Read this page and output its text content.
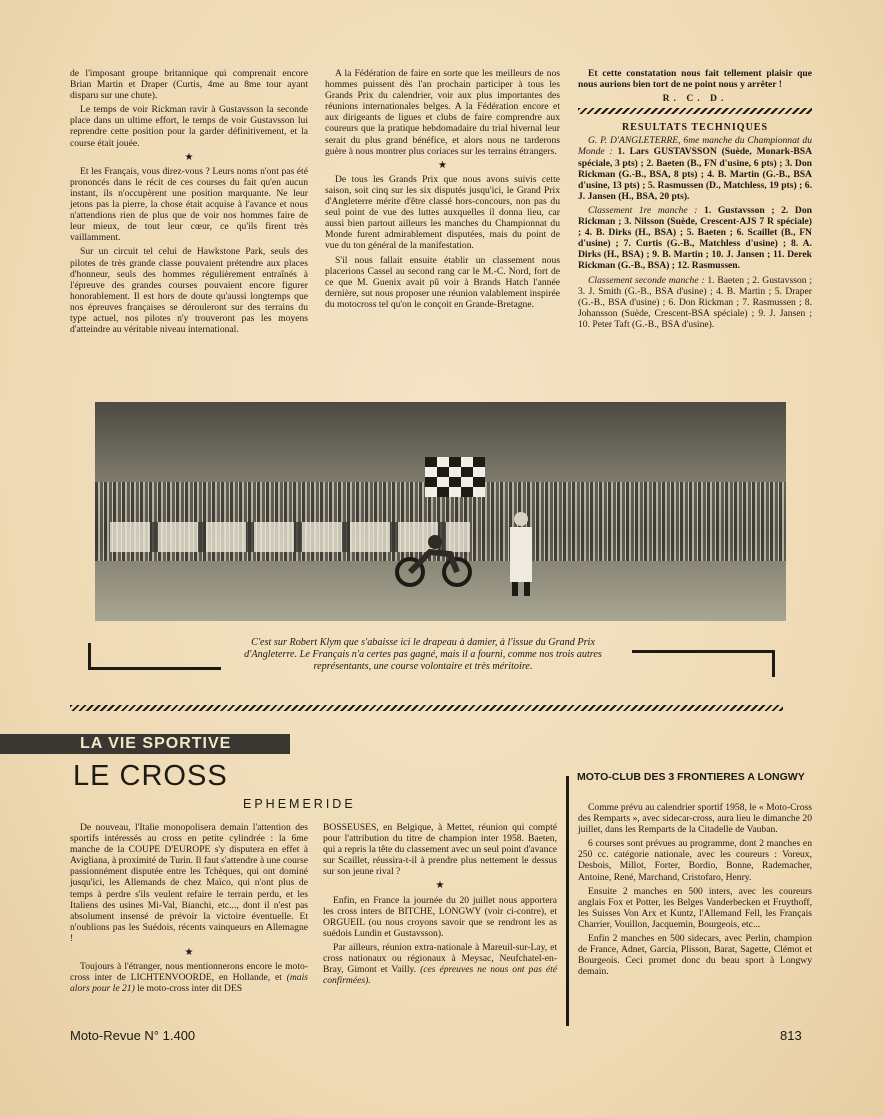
de l'imposant groupe britannique qui comprenait encore Brian Martin et Draper (Curtis, 4me au 8me tour ayant disparu sur une chute).

Le temps de voir Rickman ravir à Gustavsson la seconde place dans un ultime effort, le temps de voir Gustavsson lui reprendre cette position pour la garder définitivement, et la course était jouée.

★

Et les Français, vous direz-vous ? Leurs noms n'ont pas été prononcés dans le récit de ces courses du fait qu'en aucun instant, ils n'occupèrent une position marquante. Ne leur jetons pas la pierre, la chose était acquise à l'avance et nous n'attendions rien de plus que de voir nos hommes faire de leur mieux, de tout leur cœur, ce qu'ils firent très vaillamment.

Sur un circuit tel celui de Hawkstone Park, seuls des pilotes de très grande classe pouvaient prétendre aux places d'honneur, seuls des hommes régulièrement entraînés à l'épreuve des grandes courses pouvaient encore figurer honorablement. Il est hors de doute qu'aussi longtemps que nos épreuves françaises se dérouleront sur des terrains du type actuel, nos pilotes n'y trouveront pas les moyens d'atteindre au véritable niveau international.

A la Fédération de faire en sorte que les meilleurs de nos hommes puissent dès l'an prochain participer à tous les Grands Prix du calendrier, voir aux plus importantes des réunions internationales belges. A la Fédération encore et aux dirigeants de ligues et clubs de faire comprendre aux coureurs que la pratique hebdomadaire du trial hivernal leur serait du plus grand bénéfice, et alors nous ne tarderons guère à nous montrer plus coriaces sur les terrains étrangers.

★

De tous les Grands Prix que nous avons suivis cette saison, soit cinq sur les six disputés jusqu'ici, le Grand Prix d'Angleterre mérite d'être classé hors-concours, non pas du seul point de vue des luttes auxquelles il donna lieu, car aussi bien partout ailleurs les manches du Championnat du Monde furent admirablement disputées, mais du point de vue du ton général de la manifestation.

S'il nous fallait ensuite établir un classement nous placerions Cassel au second rang car le M.-C. Nord, fort de ce que M. Guenix avait pû voir à Brands Hatch l'année dernière, sut nous proposer une réunion valablement inspirée du motocross tel qu'on le conçoit en Grande-Bretagne.

Et cette constatation nous fait tellement plaisir que nous aurions bien tort de ne point nous y arrêter !

R. C. D.
RESULTATS TECHNIQUES

G. P. D'ANGLETERRE, 6me manche du Championnat du Monde : 1. Lars GUSTAVSSON (Suède, Monark-BSA spéciale, 3 pts) ; 2. Baeten (B., FN d'usine, 6 pts) ; 3. Don Rickman (G.-B., BSA, 8 pts) ; 4. B. Martin (G.-B., BSA d'usine, 13 pts) ; 5. Rasmussen (D., Matchless, 19 pts) ; 6. J. Jansen (H., BSA, 20 pts).

Classement 1re manche : 1. Gustavsson ; 2. Don Rickman ; 3. Nilsson (Suède, Crescent-AJS 7 R spéciale) ; 4. B. Dirks (H., BSA) ; 5. Baeten ; 6. Scaillet (B., FN d'usine) ; 7. Curtis (G.-B., Matchless d'usine) ; 8. A. Dirks (H., BSA) ; 9. B. Martin ; 10. J. Jansen ; 11. Derek Rickman (G.-B., BSA) ; 12. Rasmussen.

Classement seconde manche : 1. Baeten ; 2. Gustavsson ; 3. J. Smith (G.-B., BSA d'usine) ; 4. B. Martin ; 5. Draper (G.-B., BSA d'usine) ; 6. Don Rickman ; 7. Rasmussen ; 8. Johansson (Suède, Crescent-BSA spéciale) ; 9. J. Jansen ; 10. Peter Taft (G.-B., BSA d'usine).

C'est sur Robert Klym que s'abaisse ici le drapeau à damier, à l'issue du Grand Prix d'Angleterre. Le Français n'a certes pas gagné, mais il a fourni, comme nos trois autres représentants, une course volontaire et très méritoire.
LA VIE SPORTIVE
LE CROSS
EPHEMERIDE

De nouveau, l'Italie monopolisera demain l'attention des sportifs intéressés au cross en petite cylindrée : la 6me manche de la COUPE D'EUROPE s'y disputera en effet à Avigliana, à proximité de Turin. Il faut s'attendre à une course passionnément disputée entre les Tchèques, qui ont dominé jusqu'ici, les Allemands de chez Maïco, qui n'ont plus de temps à perdre s'ils veulent refaire le terrain perdu, et les Italiens des usines Mi-Val, Bianchi, etc..., dont il n'est pas absolument insensé de prévoir la victoire éventuelle. Et n'oublions pas les Suédois, récents vainqueurs en Allemagne !

★

Toujours à l'étranger, nous mentionnerons encore le moto-cross inter de LICHTENVOORDE, en Hollande, et (mais alors pour le 21) le moto-cross inter dit DES

BOSSEUSES, en Belgique, à Mettet, réunion qui compté pour l'attribution du titre de champion inter 1958. Baeten, qui a repris la tête du classement avec un seul point d'avance sur Scaillet, réussira-t-il à prendre plus nettement le dessus sur son jeune rival ?

★

Enfin, en France la journée du 20 juillet nous apportera les cross inters de BITCHE, LONGWY (voir ci-contre), et ORGUEIL (ou nous croyons savoir que se rendront les as suédois Lundin et Gustavsson).

Par ailleurs, réunion extra-nationale à Mareuil-sur-Lay, et cross nationaux ou régionaux à Meysac, Neufchatel-en-Bray, Gimont et Vailly. (ces épreuves ne nous ont pas été confirmées).

MOTO-CLUB DES 3 FRONTIERES A LONGWY

Comme prévu au calendrier sportif 1958, le « Moto-Cross des Remparts », avec sidecar-cross, aura lieu le dimanche 20 juillet, dans les Remparts de la Citadelle de Vauban.

6 courses sont prévues au programme, dont 2 manches en 250 cc. catégorie nationale, avec les coureurs : Voreux, Desbois, Millot, Forter, Bordio, Bonne, Rademacher, Antoine, René, Marchand, Cristofaro, Henry.

Ensuite 2 manches en 500 inters, avec les coureurs anglais Fox et Potter, les Belges Vanderbecken et Fruythoff, les Suisses Von Arx et Kuntz, l'Allemand Fell, les Français Charrier, Vouillon, Jacquemin, Bourgeois, etc...

Enfin 2 manches en 500 sidecars, avec Perlin, champion de France, Adnet, Garcia, Plisson, Barat, Sagette, Clémot et Bourgeois. Ceci promet donc du beau sport à Longwy demain.

Moto-Revue N° 1.400	813
